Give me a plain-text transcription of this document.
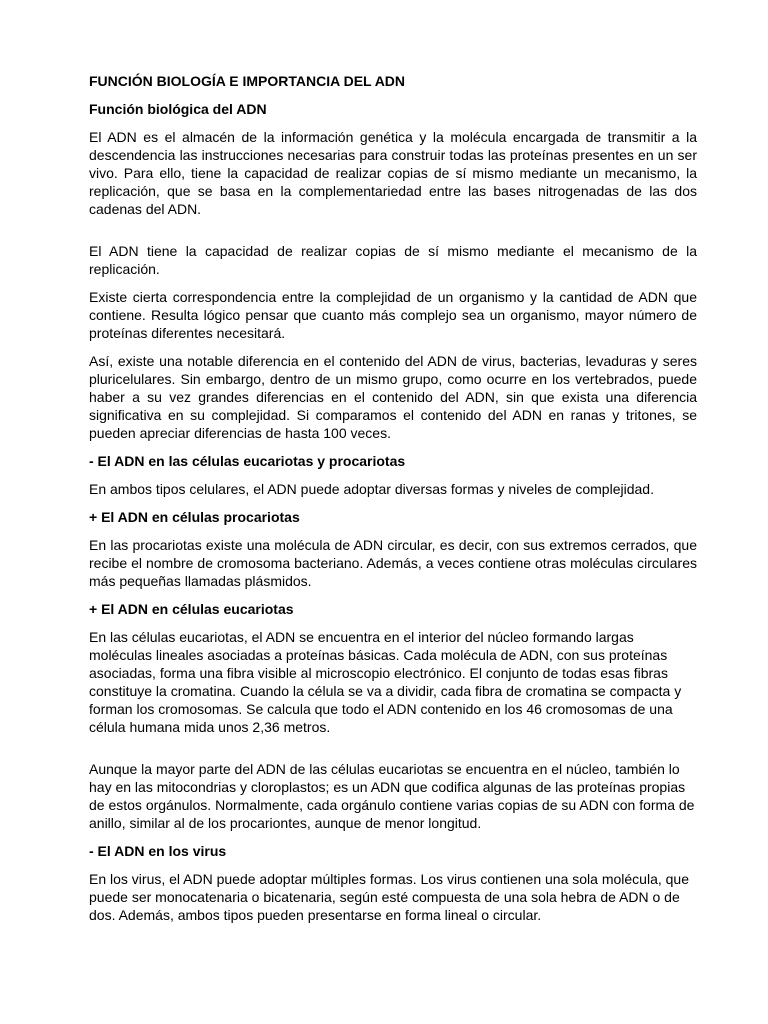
FUNCIÓN BIOLOGÍA E IMPORTANCIA DEL ADN
Función biológica del ADN
El ADN es el almacén de la información genética y la molécula encargada de transmitir a la descendencia las instrucciones necesarias para construir todas las proteínas presentes en un ser vivo. Para ello, tiene la capacidad de realizar copias de sí mismo mediante un mecanismo, la replicación, que se basa en la complementariedad entre las bases nitrogenadas de las dos cadenas del ADN.
El ADN tiene la capacidad de realizar copias de sí mismo mediante el mecanismo de la replicación.
Existe cierta correspondencia entre la complejidad de un organismo y la cantidad de ADN que contiene. Resulta lógico pensar que cuanto más complejo sea un organismo, mayor número de proteínas diferentes necesitará.
Así, existe una notable diferencia en el contenido del ADN de virus, bacterias, levaduras y seres pluricelulares. Sin embargo, dentro de un mismo grupo, como ocurre en los vertebrados, puede haber a su vez grandes diferencias en el contenido del ADN, sin que exista una diferencia significativa en su complejidad. Si comparamos el contenido del ADN en ranas y tritones, se pueden apreciar diferencias de hasta 100 veces.
- El ADN en las células eucariotas y procariotas
En ambos tipos celulares, el ADN puede adoptar diversas formas y niveles de complejidad.
+ El ADN en células procariotas
En las procariotas existe una molécula de ADN circular, es decir, con sus extremos cerrados, que recibe el nombre de cromosoma bacteriano. Además, a veces contiene otras moléculas circulares más pequeñas llamadas plásmidos.
+ El ADN en células eucariotas
En las células eucariotas, el ADN se encuentra en el interior del núcleo formando largas moléculas lineales asociadas a proteínas básicas. Cada molécula de ADN, con sus proteínas asociadas, forma una fibra visible al microscopio electrónico. El conjunto de todas esas fibras constituye la cromatina. Cuando la célula se va a dividir, cada fibra de cromatina se compacta y forman los cromosomas. Se calcula que todo el ADN contenido en los 46 cromosomas de una célula humana mida unos 2,36 metros.
Aunque la mayor parte del ADN de las células eucariotas se encuentra en el núcleo, también lo hay en las mitocondrias y cloroplastos; es un ADN que codifica algunas de las proteínas propias de estos orgánulos. Normalmente, cada orgánulo contiene varias copias de su ADN con forma de anillo, similar al de los procariontes, aunque de menor longitud.
- El ADN en los virus
En los virus, el ADN puede adoptar múltiples formas. Los virus contienen una sola molécula, que puede ser monocatenaria o bicatenaria, según esté compuesta de una sola hebra de ADN o de dos. Además, ambos tipos pueden presentarse en forma lineal o circular.
